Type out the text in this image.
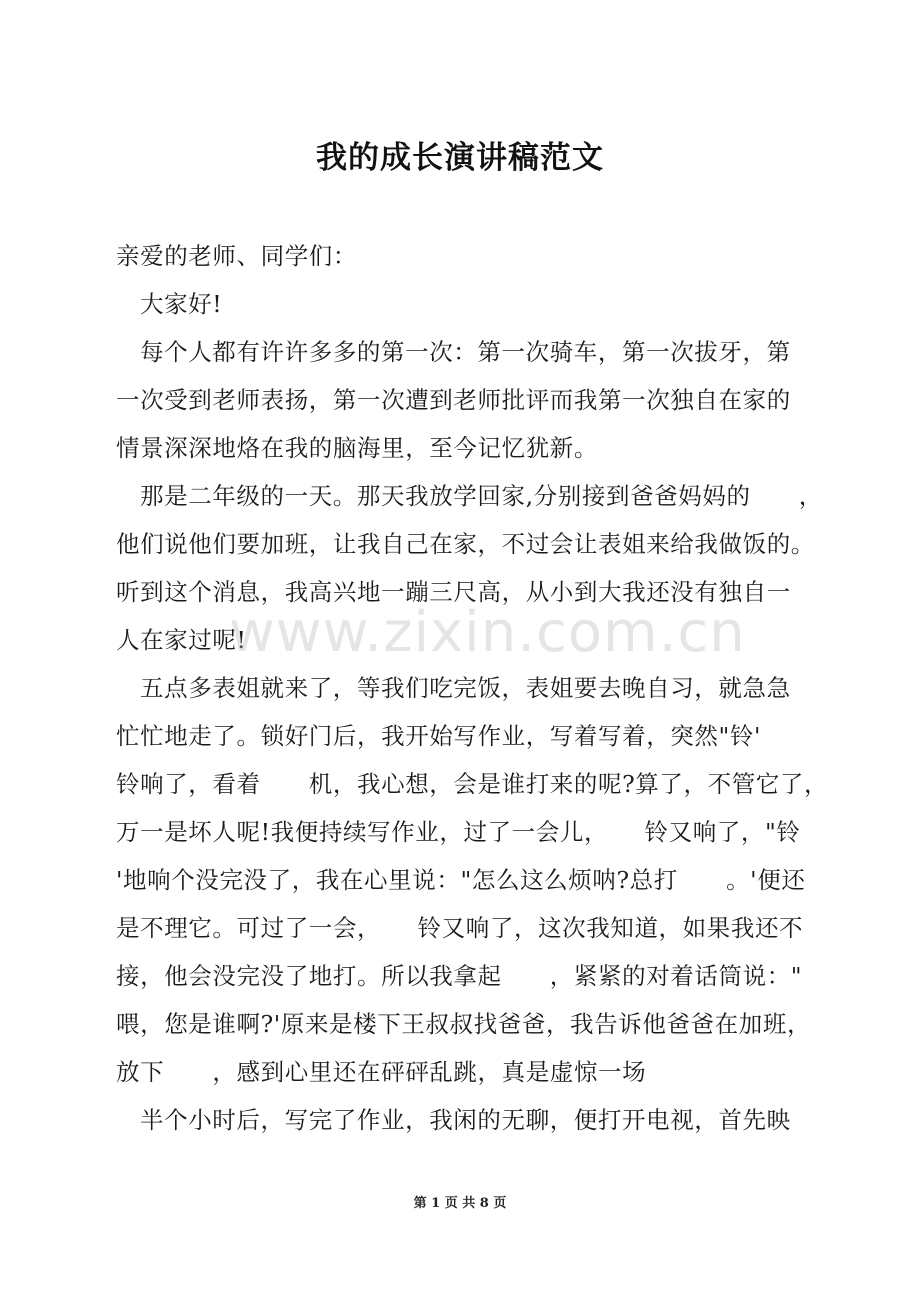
我的成长演讲稿范文
亲爱的老师、同学们：
大家好!
每个人都有许许多多的第一次：第一次骑车，第一次拔牙，第
一次受到老师表扬，第一次遭到老师批评而我第一次独自在家的
情景深深地烙在我的脑海里，至今记忆犹新。
那是二年级的一天。那天我放学回家,分别接到爸爸妈妈的　　，
他们说他们要加班，让我自己在家，不过会让表姐来给我做饭的。
听到这个消息，我高兴地一蹦三尺高，从小到大我还没有独自一
人在家过呢!
五点多表姐就来了，等我们吃完饭，表姐要去晚自习，就急急
忙忙地走了。锁好门后，我开始写作业，写着写着，突然"铃'
铃响了，看着　　机，我心想，会是谁打来的呢?算了，不管它了，
万一是坏人呢!我便持续写作业，过了一会儿，　　铃又响了，"铃
'地响个没完没了，我在心里说："怎么这么烦呐?总打　　。'便还
是不理它。可过了一会，　　铃又响了，这次我知道，如果我还不
接，他会没完没了地打。所以我拿起　　，紧紧的对着话筒说："
喂，您是谁啊?'原来是楼下王叔叔找爸爸，我告诉他爸爸在加班，
放下　　，感到心里还在砰砰乱跳，真是虚惊一场
半个小时后，写完了作业，我闲的无聊，便打开电视，首先映
www.zixin.com.cn
第 1 页 共 8 页
